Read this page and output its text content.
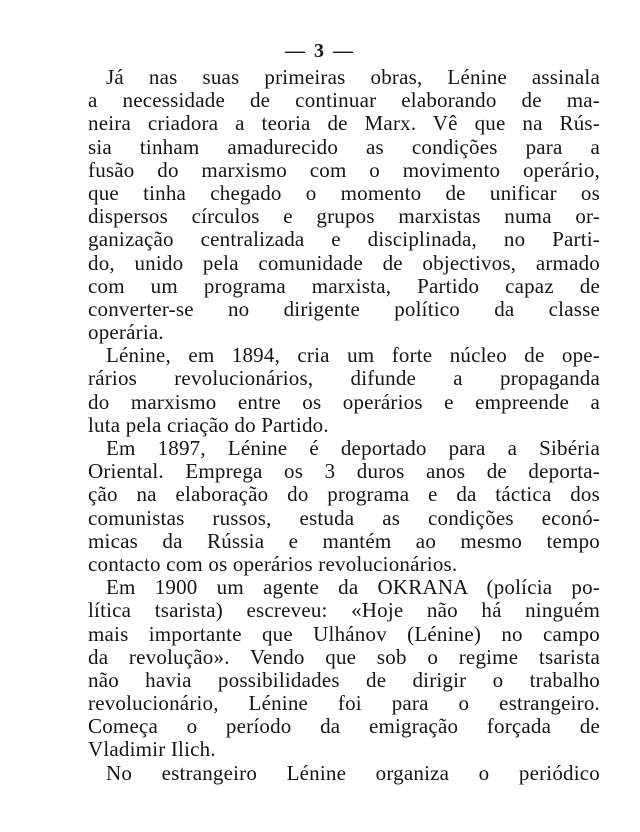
— 3 —
Já nas suas primeiras obras, Lénine assinala
a necessidade de continuar elaborando de ma-
neira criadora a teoria de Marx. Vê que na Rús-
sia tinham amadurecido as condições para a
fusão do marxismo com o movimento operário,
que tinha chegado o momento de unificar os
dispersos círculos e grupos marxistas numa or-
ganização centralizada e disciplinada, no Parti-
do, unido pela comunidade de objectivos, armado
com um programa marxista, Partido capaz de
converter-se no dirigente político da classe
operária.
Lénine, em 1894, cria um forte núcleo de ope-
rários revolucionários, difunde a propaganda
do marxismo entre os operários e empreende a
luta pela criação do Partido.
Em 1897, Lénine é deportado para a Sibéria
Oriental. Emprega os 3 duros anos de deporta-
ção na elaboração do programa e da táctica dos
comunistas russos, estuda as condições econó-
micas da Rússia e mantém ao mesmo tempo
contacto com os operários revolucionários.
Em 1900 um agente da OKRANA (polícia po-
lítica tsarista) escreveu: «Hoje não há ninguém
mais importante que Ulhánov (Lénine) no campo
da revolução». Vendo que sob o regime tsarista
não havia possibilidades de dirigir o trabalho
revolucionário, Lénine foi para o estrangeiro.
Começa o período da emigração forçada de
Vladimir Ilich.
No estrangeiro Lénine organiza o periódico
